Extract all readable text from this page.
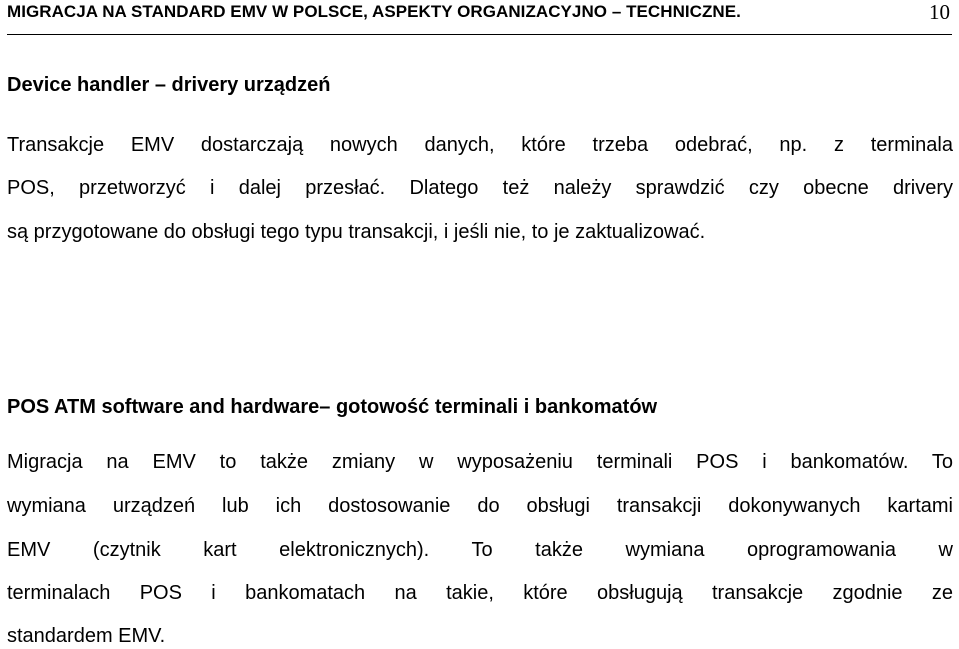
MIGRACJA NA STANDARD EMV W POLSCE, ASPEKTY ORGANIZACYJNO – TECHNICZNE.	10
Device handler – drivery urządzeń
Transakcje EMV dostarczają nowych danych, które trzeba odebrać, np. z terminala
POS, przetworzyć i dalej przesłać. Dlatego też należy sprawdzić czy obecne drivery
są przygotowane do obsługi tego typu transakcji, i jeśli nie, to je zaktualizować.
POS ATM software and hardware– gotowość terminali i bankomatów
Migracja na EMV to także zmiany w wyposażeniu terminali POS i bankomatów. To
wymiana urządzeń lub ich dostosowanie do obsługi transakcji dokonywanych kartami
EMV (czytnik kart elektronicznych). To także wymiana oprogramowania w
terminalach POS i bankomatach na takie, które obsługują transakcje zgodnie ze
standardem EMV.
